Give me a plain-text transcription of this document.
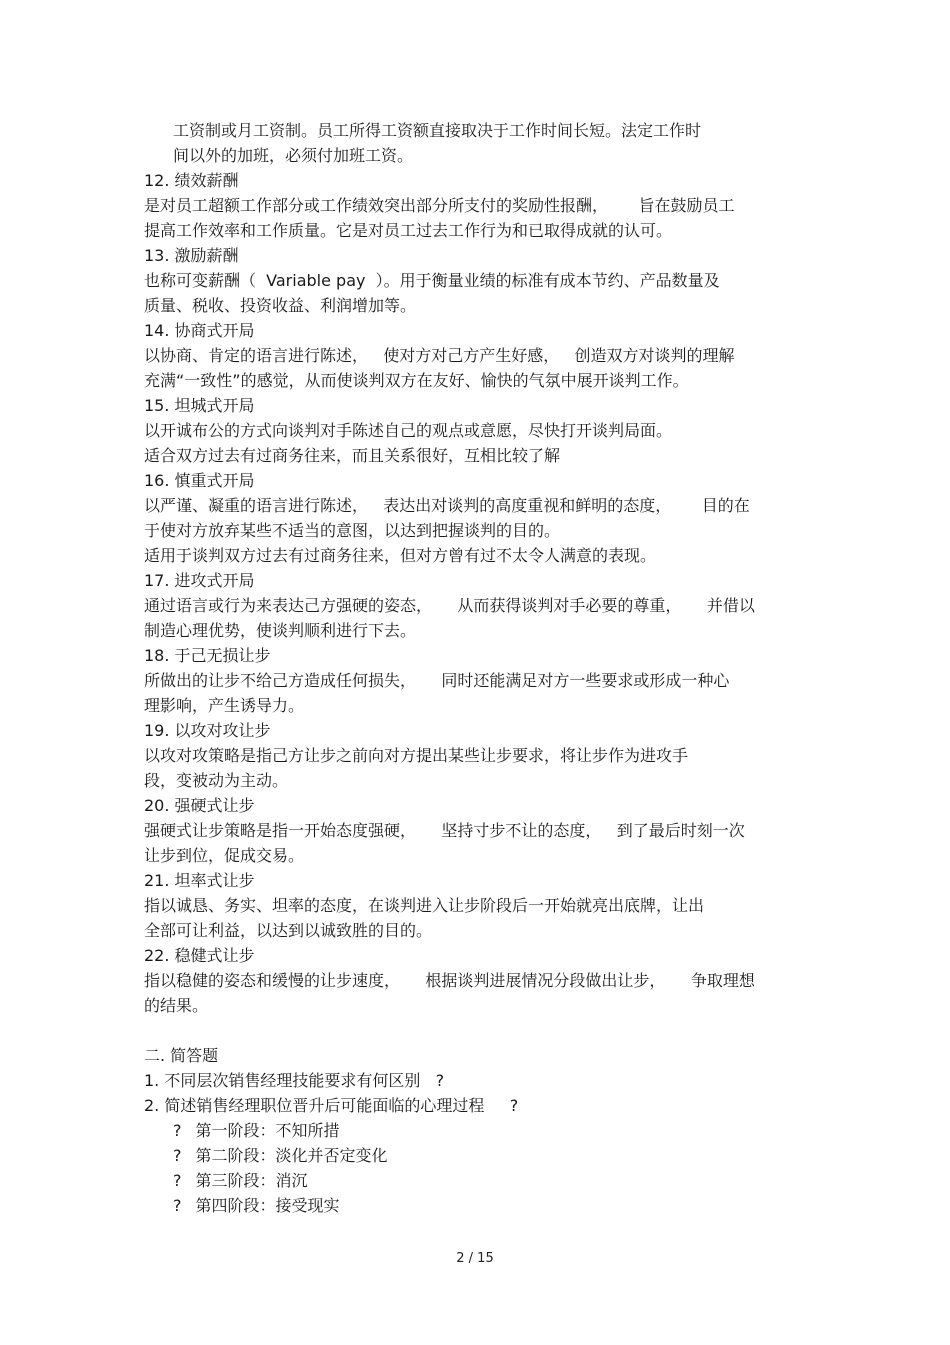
工资制或月工资制。员工所得工资额直接取决于工作时间长短。法定工作时
间以外的加班，必须付加班工资。
12. 绩效薪酬
是对员工超额工作部分或工作绩效突出部分所支付的奖励性报酬，      旨在鼓励员工
提高工作效率和工作质量。它是对员工过去工作行为和已取得成就的认可。
13. 激励薪酬
也称可变薪酬（  Variable pay  ）。用于衡量业绩的标准有成本节约、产品数量及
质量、税收、投资收益、利润增加等。
14. 协商式开局
以协商、肯定的语言进行陈述，   使对方对己方产生好感，   创造双方对谈判的理解
充满“一致性”的感觉，从而使谈判双方在友好、愉快的气氛中展开谈判工作。
15. 坦城式开局
以开诚布公的方式向谈判对手陈述自己的观点或意愿，尽快打开谈判局面。
适合双方过去有过商务往来，而且关系很好，互相比较了解
16. 慎重式开局
以严谨、凝重的语言进行陈述，   表达出对谈判的高度重视和鲜明的态度，      目的在
于使对方放弃某些不适当的意图，以达到把握谈判的目的。
适用于谈判双方过去有过商务往来，但对方曾有过不太令人满意的表现。
17. 进攻式开局
通过语言或行为来表达己方强硬的姿态，     从而获得谈判对手必要的尊重，     并借以
制造心理优势，使谈判顺利进行下去。
18. 于己无损让步
所做出的让步不给己方造成任何损失，     同时还能满足对方一些要求或形成一种心
理影响，产生诱导力。
19. 以攻对攻让步
以攻对攻策略是指己方让步之前向对方提出某些让步要求，将让步作为进攻手
段，变被动为主动。
20. 强硬式让步
强硬式让步策略是指一开始态度强硬，     坚持寸步不让的态度，   到了最后时刻一次
让步到位，促成交易。
21. 坦率式让步
指以诚恳、务实、坦率的态度，在谈判进入让步阶段后一开始就亮出底牌，让出
全部可让利益，以达到以诚致胜的目的。
22. 稳健式让步
指以稳健的姿态和缓慢的让步速度，     根据谈判进展情况分段做出让步，     争取理想
的结果。
二. 简答题
1. 不同层次销售经理技能要求有何区别   ?
2. 简述销售经理职位晋升后可能面临的心理过程     ?
? 第一阶段：不知所措
? 第二阶段：淡化并否定变化
? 第三阶段：消沉
? 第四阶段：接受现实
2 / 15
